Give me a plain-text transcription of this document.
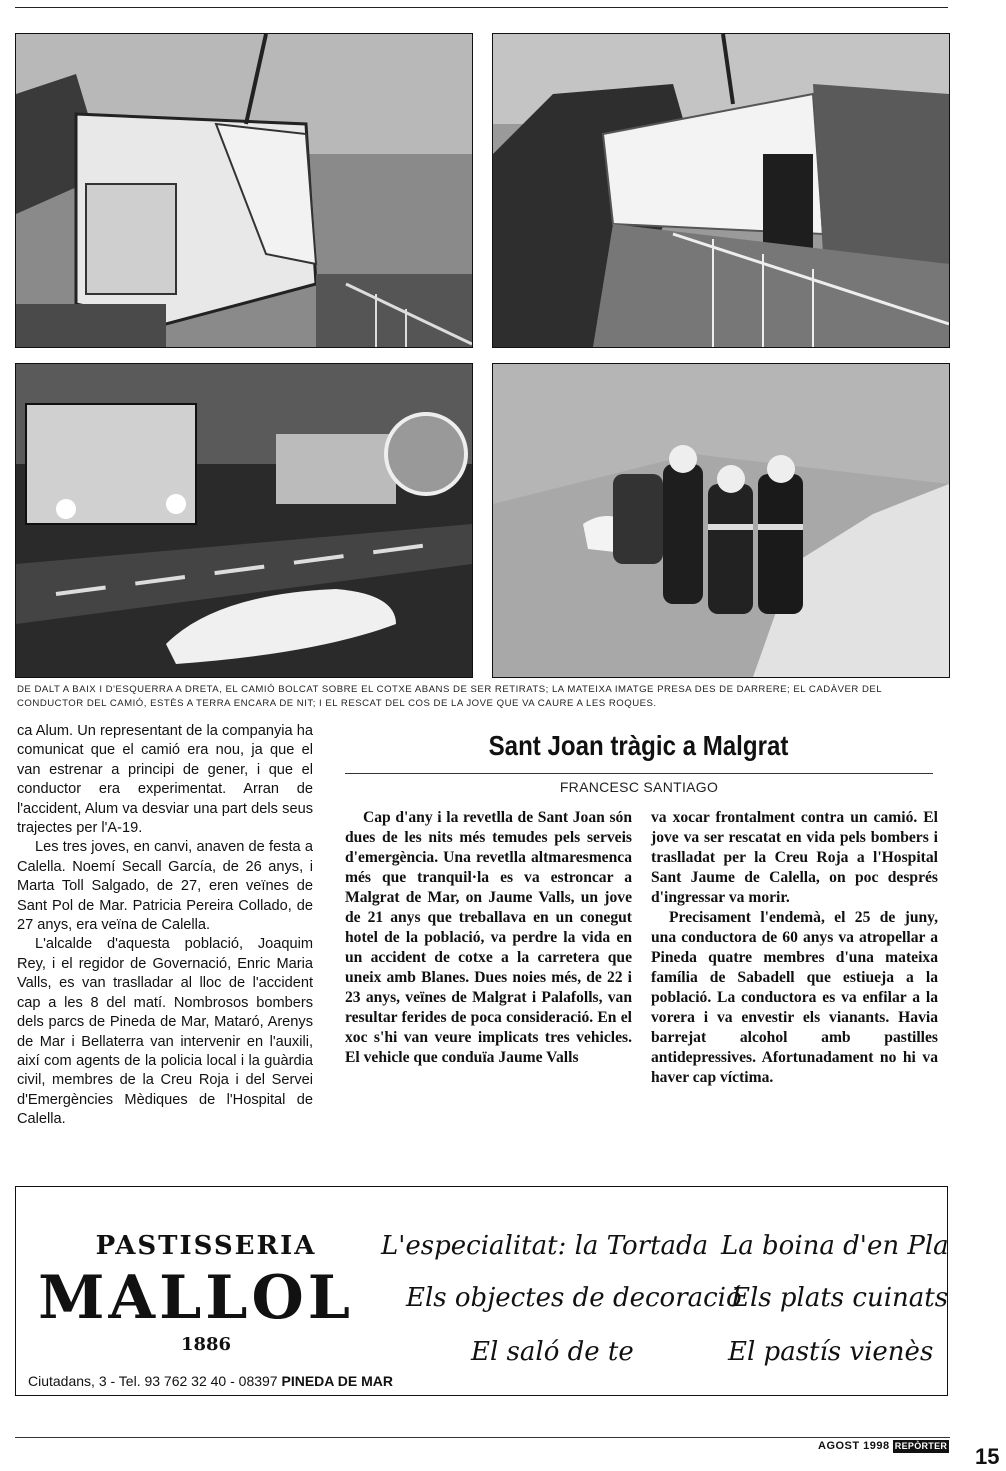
DE DALT A BAIX I D'ESQUERRA A DRETA, EL CAMIÓ BOLCAT SOBRE EL COTXE ABANS DE SER RETIRATS; LA MATEIXA IMATGE PRESA DES DE DARRERE; EL CADÀVER DEL CONDUCTOR DEL CAMIÓ, ESTÈS A TERRA ENCARA DE NIT; I EL RESCAT DEL COS DE LA JOVE QUE VA CAURE A LES ROQUES.

ca Alum. Un representant de la companyia ha comunicat que el camió era nou, ja que el van estrenar a principi de gener, i que el conductor era experimentat. Arran de l'accident, Alum va desviar una part dels seus trajectes per l'A-19.

Les tres joves, en canvi, anaven de festa a Calella. Noemí Secall García, de 26 anys, i Marta Toll Salgado, de 27, eren veïnes de Sant Pol de Mar. Patricia Pereira Collado, de 27 anys, era veïna de Calella.

L'alcalde d'aquesta població, Joaquim Rey, i el regidor de Governació, Enric Maria Valls, es van traslladar al lloc de l'accident cap a les 8 del matí. Nombrosos bombers dels parcs de Pineda de Mar, Mataró, Arenys de Mar i Bellaterra van intervenir en l'auxili, així com agents de la policia local i la guàrdia civil, membres de la Creu Roja i del Servei d'Emergències Mèdiques de l'Hospital de Calella.

Sant Joan tràgic a Malgrat
FRANCESC SANTIAGO

Cap d'any i la revetlla de Sant Joan són dues de les nits més temudes pels serveis d'emergència. Una revetlla altmaresmenca més que tranquil·la es va estroncar a Malgrat de Mar, on Jaume Valls, un jove de 21 anys que treballava en un conegut hotel de la població, va perdre la vida en un accident de cotxe a la carretera que uneix amb Blanes. Dues noies més, de 22 i 23 anys, veïnes de Malgrat i Palafolls, van resultar ferides de poca consideració. En el xoc s'hi van veure implicats tres vehicles. El vehicle que conduïa Jaume Valls

va xocar frontalment contra un camió. El jove va ser rescatat en vida pels bombers i traslladat per la Creu Roja a l'Hospital Sant Jaume de Calella, on poc després d'ingressar va morir.

Precisament l'endemà, el 25 de juny, una conductora de 60 anys va atropellar a Pineda quatre membres d'una mateixa família de Sabadell que estiueja a la població. La conductora es va enfilar a la vorera i va envestir els vianants. Havia barrejat alcohol amb pastilles antidepressives. Afortunadament no hi va haver cap víctima.

PASTISSERIA
MALLOL
1886
Ciutadans, 3 - Tel. 93 762 32 40 - 08397 PINEDA DE MAR
L'especialitat: la Tortada La boina d'en Pla
Els objectes de decoració
Els plats cuinats
El saló de te	El pastís vienès
AGOST 1998 REPÒRTER 15
